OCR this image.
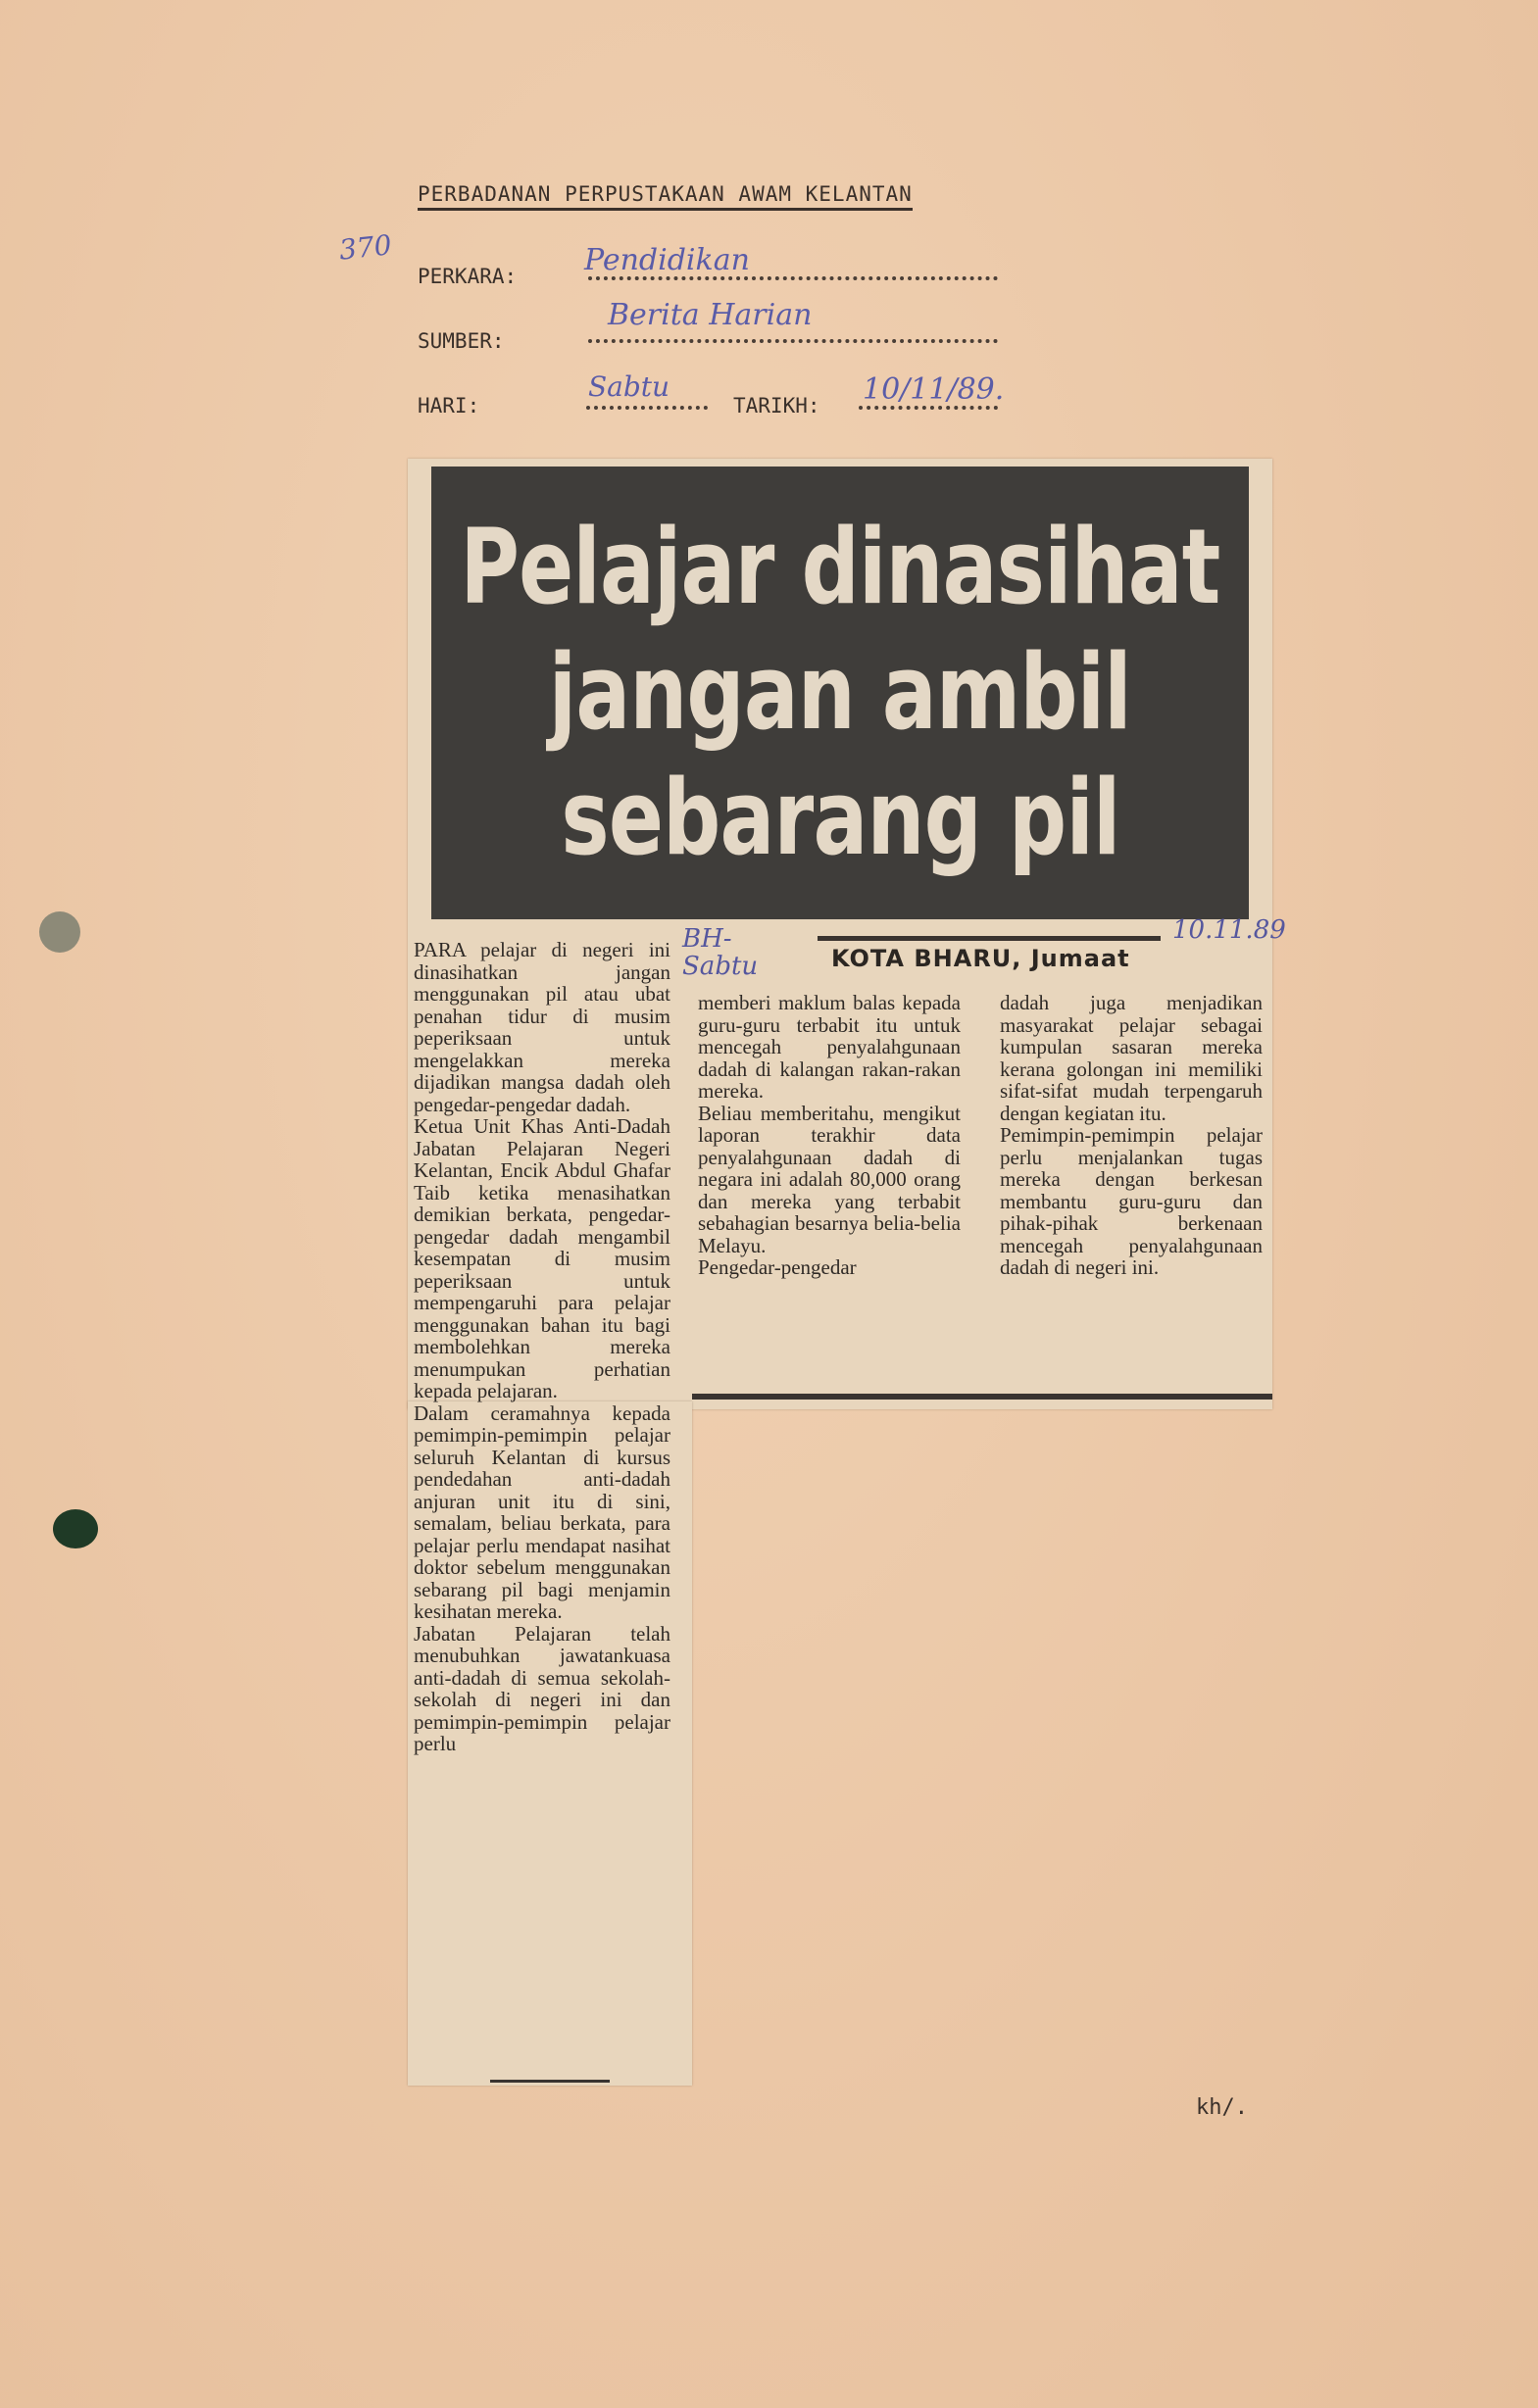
PERBADANAN PERPUSTAKAAN AWAM KELANTAN
370
PERKARA: Pendidikan
SUMBER:
Berita Harian
HARI:
Sabtu
TARIKH: 10/11/89.
Pelajar dinasihat
jangan ambil
sebarang pil
KOTA BHARU, Jumaat
BH-
Sabtu
10.11.89
PARA pelajar di negeri ini dinasihatkan jangan menggunakan pil atau ubat penahan tidur di musim peperiksaan untuk mengelakkan mereka dijadikan mangsa dadah oleh pengedar-pengedar dadah.
Ketua Unit Khas Anti-Dadah Jabatan Pelajaran Negeri Kelantan, Encik Abdul Ghafar Taib ketika menasihatkan demikian berkata, pengedar-pengedar dadah mengambil kesempatan di musim peperiksaan untuk mempengaruhi para pelajar menggunakan bahan itu bagi membolehkan mereka menumpukan perhatian kepada pelajaran.
Dalam ceramahnya kepada pemimpin-pemimpin pelajar seluruh Kelantan di kursus pendedahan anti-dadah anjuran unit itu di sini, semalam, beliau berkata, para pelajar perlu mendapat nasihat doktor sebelum menggunakan sebarang pil bagi menjamin kesihatan mereka.
Jabatan Pelajaran telah menubuhkan jawatankuasa anti-dadah di semua sekolah-sekolah di negeri ini dan pemimpin-pemimpin pelajar perlu
memberi maklum balas kepada guru-guru terbabit itu untuk mencegah penyalahgunaan dadah di kalangan rakan-rakan mereka.
Beliau memberitahu, mengikut laporan terakhir data penyalahgunaan dadah di negara ini adalah 80,000 orang dan mereka yang terbabit sebahagian besarnya belia-belia Melayu.
Pengedar-pengedar
dadah juga menjadikan masyarakat pelajar sebagai kumpulan sasaran mereka kerana golongan ini memiliki sifat-sifat mudah terpengaruh dengan kegiatan itu.
Pemimpin-pemimpin pelajar perlu menjalankan tugas mereka dengan berkesan membantu guru-guru dan pihak-pihak berkenaan mencegah penyalahgunaan dadah di negeri ini.
kh/.
